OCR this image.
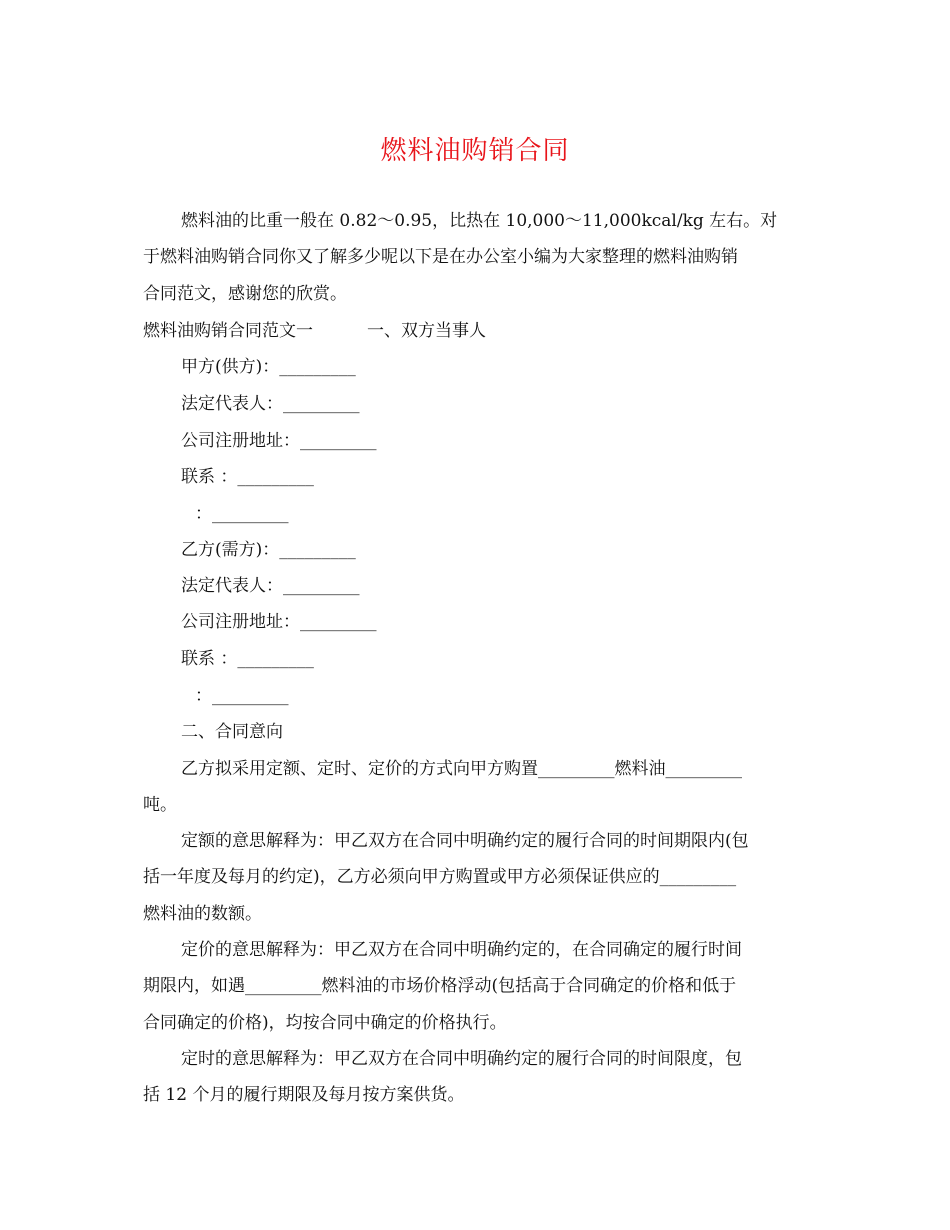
燃料油购销合同
燃料油的比重一般在 0.82～0.95，比热在 10,000～11,000kcal/kg 左右。对
于燃料油购销合同你又了解多少呢以下是在办公室小编为大家整理的燃料油购销
合同范文，感谢您的欣赏。
燃料油购销合同范文一	一、双方当事人
甲方(供方)：_________
法定代表人：_________
公司注册地址：_________
联系 ：_________
：_________
乙方(需方)：_________
法定代表人：_________
公司注册地址：_________
联系 ：_________
：_________
二、合同意向
乙方拟采用定额、定时、定价的方式向甲方购置_________燃料油_________
吨。
定额的意思解释为：甲乙双方在合同中明确约定的履行合同的时间期限内(包
括一年度及每月的约定)，乙方必须向甲方购置或甲方必须保证供应的_________
燃料油的数额。
定价的意思解释为：甲乙双方在合同中明确约定的，在合同确定的履行时间
期限内，如遇_________燃料油的市场价格浮动(包括高于合同确定的价格和低于
合同确定的价格)，均按合同中确定的价格执行。
定时的意思解释为：甲乙双方在合同中明确约定的履行合同的时间限度，包
括 12 个月的履行期限及每月按方案供货。
